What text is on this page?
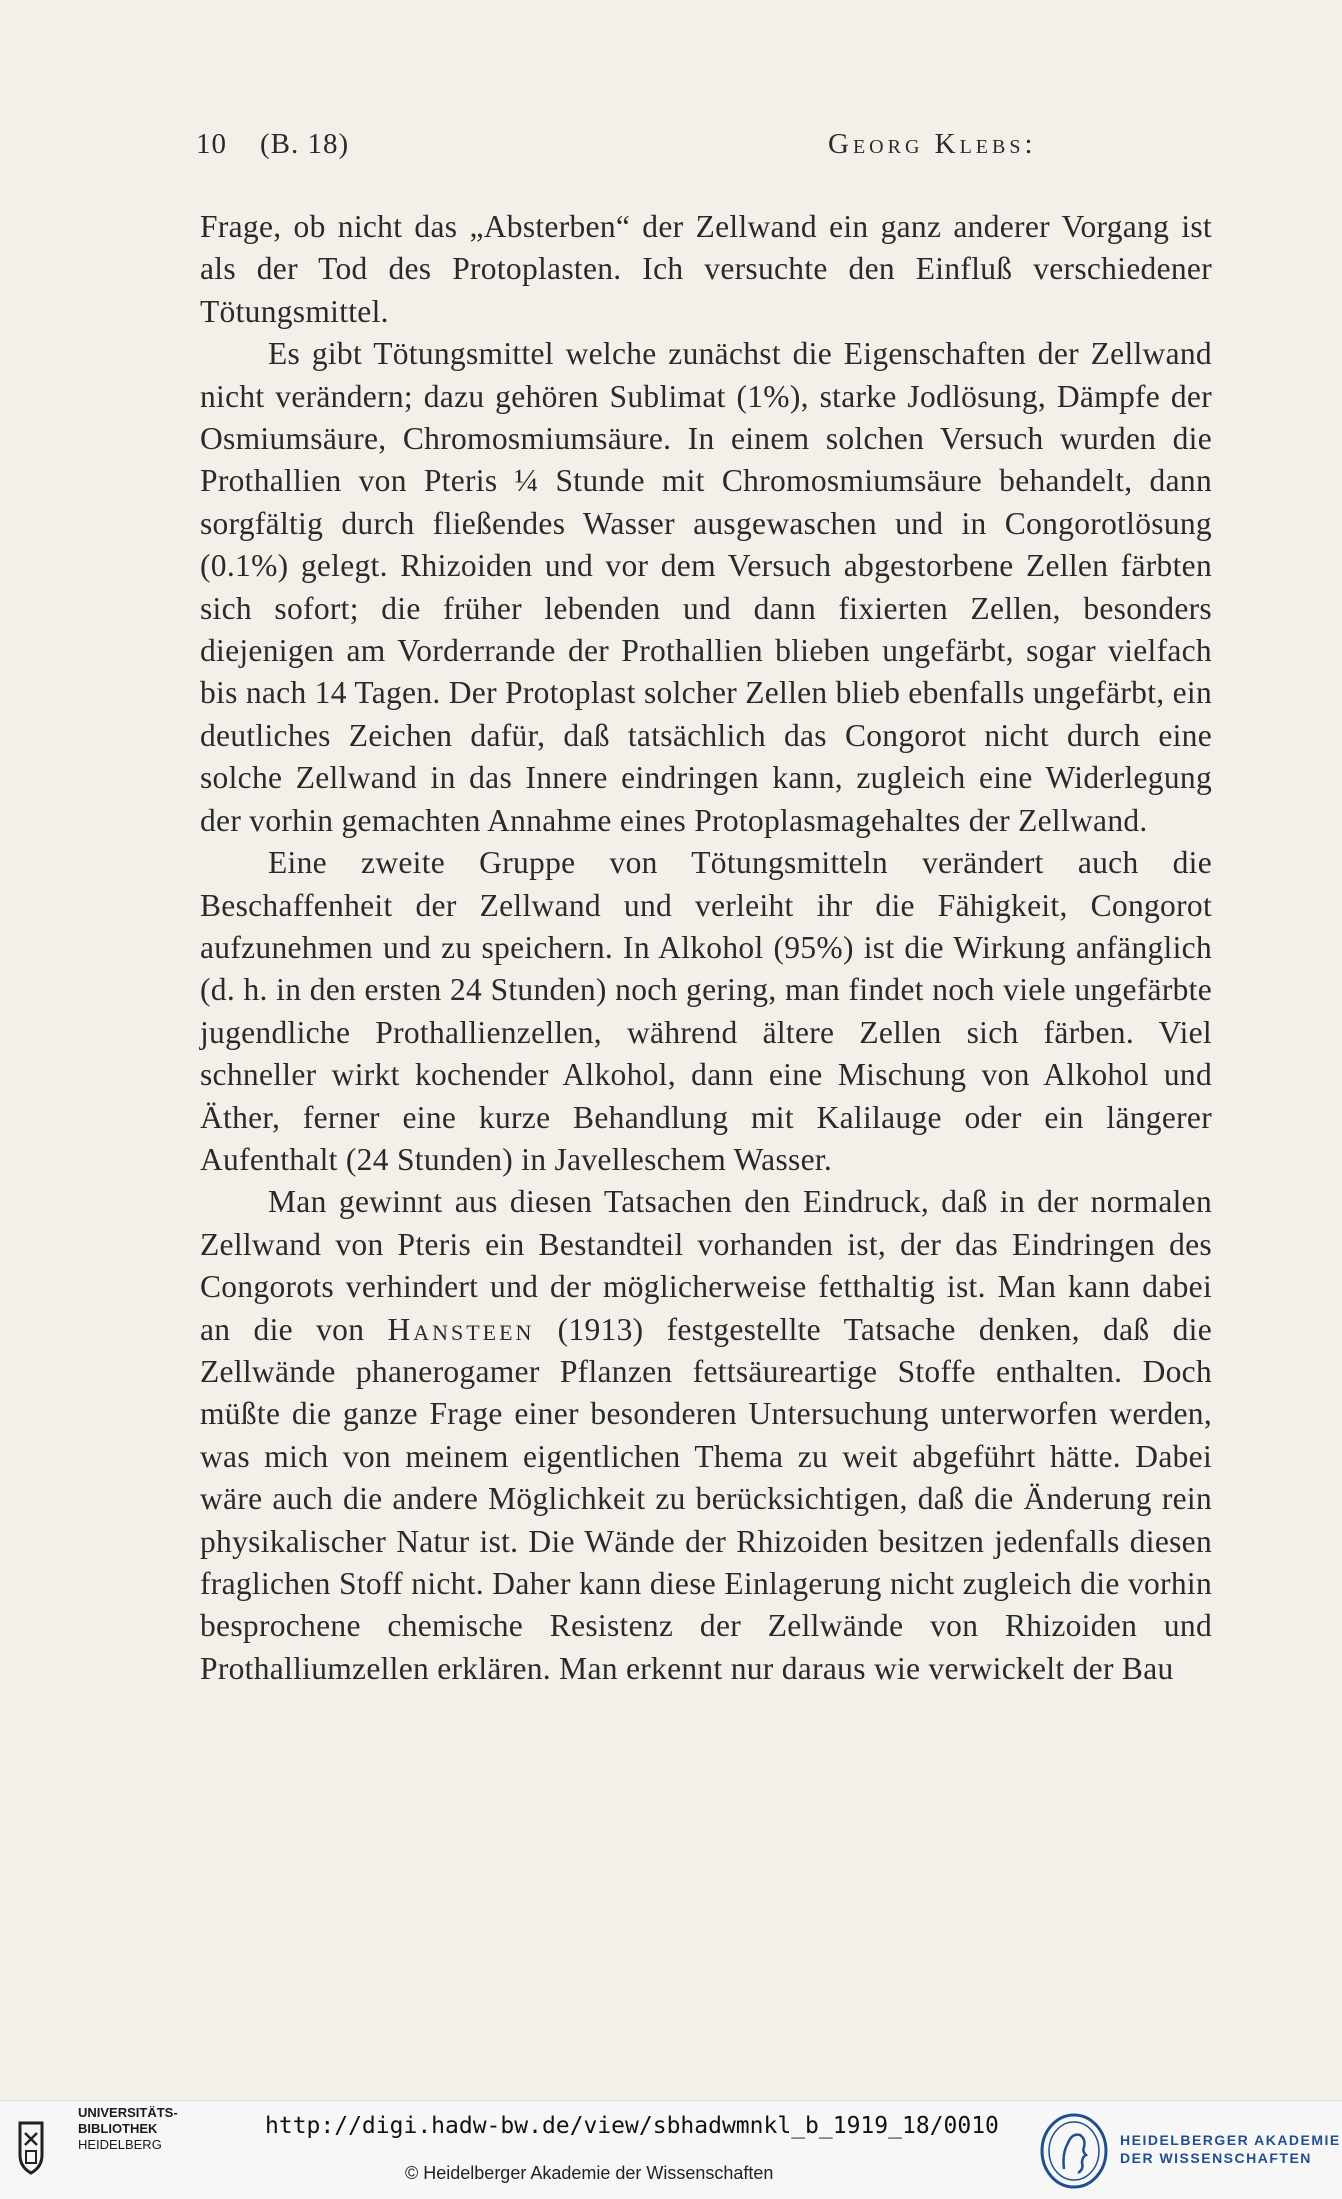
10 (B. 18)	Georg Klebs:

Frage, ob nicht das „Absterben“ der Zellwand ein ganz anderer Vorgang ist als der Tod des Protoplasten. Ich versuchte den Einfluß verschiedener Tötungsmittel.

Es gibt Tötungsmittel welche zunächst die Eigenschaften der Zellwand nicht verändern; dazu gehören Sublimat (1%), starke Jodlösung, Dämpfe der Osmiumsäure, Chromosmiumsäure. In einem solchen Versuch wurden die Prothallien von Pteris ¼ Stunde mit Chromosmiumsäure behandelt, dann sorgfältig durch fließendes Wasser ausgewaschen und in Congorotlösung (0.1%) gelegt. Rhizoiden und vor dem Versuch abgestorbene Zellen färbten sich sofort; die früher lebenden und dann fixierten Zellen, besonders diejenigen am Vorderrande der Prothallien blieben ungefärbt, sogar vielfach bis nach 14 Tagen. Der Protoplast solcher Zellen blieb ebenfalls ungefärbt, ein deutliches Zeichen dafür, daß tatsächlich das Congorot nicht durch eine solche Zellwand in das Innere eindringen kann, zugleich eine Widerlegung der vorhin gemachten Annahme eines Protoplasmagehaltes der Zellwand.

Eine zweite Gruppe von Tötungsmitteln verändert auch die Beschaffenheit der Zellwand und verleiht ihr die Fähigkeit, Congorot aufzunehmen und zu speichern. In Alkohol (95%) ist die Wirkung anfänglich (d. h. in den ersten 24 Stunden) noch gering, man findet noch viele ungefärbte jugendliche Prothallienzellen, während ältere Zellen sich färben. Viel schneller wirkt kochender Alkohol, dann eine Mischung von Alkohol und Äther, ferner eine kurze Behandlung mit Kalilauge oder ein längerer Aufenthalt (24 Stunden) in Javelleschem Wasser.

Man gewinnt aus diesen Tatsachen den Eindruck, daß in der normalen Zellwand von Pteris ein Bestandteil vorhanden ist, der das Eindringen des Congorots verhindert und der möglicherweise fetthaltig ist. Man kann dabei an die von Hansteen (1913) festgestellte Tatsache denken, daß die Zellwände phanerogamer Pflanzen fettsäureartige Stoffe enthalten. Doch müßte die ganze Frage einer besonderen Untersuchung unterworfen werden, was mich von meinem eigentlichen Thema zu weit abgeführt hätte. Dabei wäre auch die andere Möglichkeit zu berücksichtigen, daß die Änderung rein physikalischer Natur ist. Die Wände der Rhizoiden besitzen jedenfalls diesen fraglichen Stoff nicht. Daher kann diese Einlagerung nicht zugleich die vorhin besprochene chemische Resistenz der Zellwände von Rhizoiden und Prothalliumzellen erklären. Man erkennt nur daraus wie verwickelt der Bau

UNIVERSITÄTS-
BIBLIOTHEK
HEIDELBERG
http://digi.hadw-bw.de/view/sbhadwmnkl_b_1919_18/0010
© Heidelberger Akademie der Wissenschaften
HEIDELBERGER AKADEMIE
DER WISSENSCHAFTEN
